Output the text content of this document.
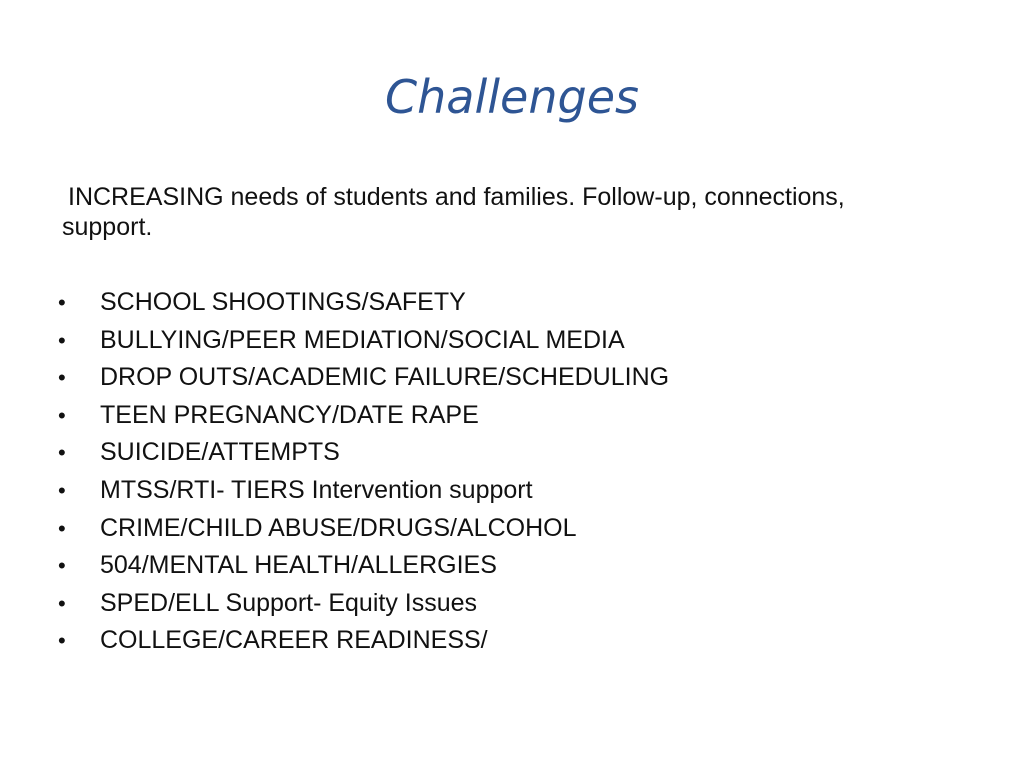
Challenges
INCREASING needs of students and families. Follow-up, connections,
support.
•	SCHOOL SHOOTINGS/SAFETY
•	BULLYING/PEER MEDIATION/SOCIAL MEDIA
•	DROP OUTS/ACADEMIC FAILURE/SCHEDULING
•	TEEN PREGNANCY/DATE RAPE
•	SUICIDE/ATTEMPTS
•	MTSS/RTI- TIERS Intervention support
•	CRIME/CHILD ABUSE/DRUGS/ALCOHOL
•	504/MENTAL HEALTH/ALLERGIES
•	SPED/ELL Support- Equity Issues
•	COLLEGE/CAREER READINESS/
